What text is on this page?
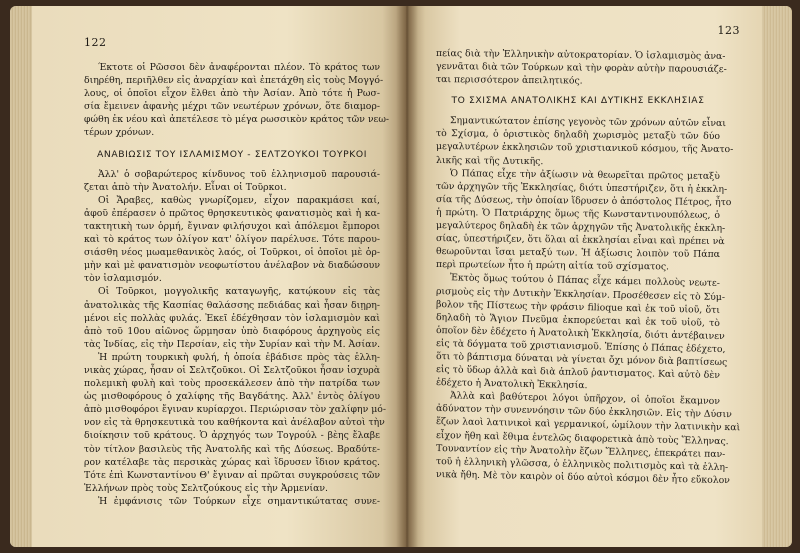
122
Έκτοτε οἱ Ρῶσσοι δὲν ἀναφέρονται πλέον. Τὸ κράτος των
διηρέθη, περιῆλθεν εἰς ἀναρχίαν καὶ ἐπετάχθη εἰς τοὺς Μογγό-
λους, οἱ ὁποῖοι εἶχον ἔλθει ἀπὸ τὴν Ἀσίαν. Ἀπὸ τότε ἡ Ρωσ-
σία ἔμεινεν ἀφανὴς μέχρι τῶν νεωτέρων χρόνων, ὅτε διαμορ-
φώθη ἐκ νέου καὶ ἀπετέλεσε τὸ μέγα ρωσσικὸν κράτος τῶν νεω-
τέρων χρόνων.
ΑΝΑΒΙΩΣΙΣ ΤΟΥ ΙΣΛΑΜΙΣΜΟΥ - ΣΕΛΤΖΟΥΚΟΙ ΤΟΥΡΚΟΙ
Ἀλλ' ὁ σοβαρώτερος κίνδυνος τοῦ ἑλληνισμοῦ παρουσιά-
ζεται ἀπὸ τὴν Ἀνατολήν. Εἶναι οἱ Τοῦρκοι.
Οἱ Ἄραβες, καθὼς γνωρίζομεν, εἶχον παρακμάσει καί,
ἀφοῦ ἐπέρασεν ὁ πρῶτος θρησκευτικὸς φανατισμὸς καὶ ἡ κα-
τακτητικὴ των ὁρμή, ἔγιναν φιλήσυχοι καὶ ἀπόλεμοι ἔμποροι
καὶ τὸ κράτος των ὀλίγον κατ' ὀλίγον παρέλυσε. Τότε παρου-
σιάσθη νέος μωαμεθανικὸς λαός, οἱ Τοῦρκοι, οἱ ὁποῖοι μὲ ὁρ-
μὴν καὶ μὲ φανατισμὸν νεοφωτίστου ἀνέλαβον νὰ διαδώσουν
τὸν ἰσλαμισμόν.
Οἱ Τοῦρκοι, μογγολικῆς καταγωγῆς, κατῴκουν εἰς τὰς
ἀνατολικὰς τῆς Κασπίας θαλάσσης πεδιάδας καὶ ἦσαν διῃρη-
μένοι εἰς πολλὰς φυλάς. Ἐκεῖ ἐδέχθησαν τὸν ἰσλαμισμὸν καὶ
ἀπὸ τοῦ 10ου αἰῶνος ὥρμησαν ὑπὸ διαφόρους ἀρχηγοὺς εἰς
τὰς Ἰνδίας, εἰς τὴν Περσίαν, εἰς τὴν Συρίαν καὶ τὴν Μ. Ἀσίαν.
Ἡ πρώτη τουρκικὴ φυλή, ἡ ὁποία ἐβάδισε πρὸς τὰς ἑλλη-
νικὰς χώρας, ἦσαν οἱ Σελτζοῦκοι. Οἱ Σελτζοῦκοι ἦσαν ἰσχυρὰ
πολεμικὴ φυλὴ καὶ τοὺς προσεκάλεσεν ἀπὸ τὴν πατρίδα των
ὡς μισθοφόρους ὁ χαλίφης τῆς Βαγδάτης. Ἀλλ' ἐντὸς ὀλίγου
ἀπὸ μισθοφόροι ἔγιναν κυρίαρχοι. Περιώρισαν τὸν χαλίφην μό-
νον εἰς τὰ θρησκευτικὰ του καθήκοντα καὶ ἀνέλαβον αὐτοὶ τὴν
διοίκησιν τοῦ κράτους. Ὁ ἀρχηγός των Τογρούλ - βὲης ἔλαβε
τὸν τίτλον βασιλεὺς τῆς Ἀνατολῆς καὶ τῆς Δύσεως. Βραδύτε-
ρον κατέλαβε τὰς περσικὰς χώρας καὶ ἵδρυσεν ἴδιον κράτος.
Τότε ἐπὶ Κωνσταντίνου Θ' ἔγιναν αἱ πρῶται συγκρούσεις τῶν
Ἑλλήνων πρὸς τοὺς Σελτζούκους εἰς τὴν Ἀρμενίαν.
Ἡ ἐμφάνισις τῶν Τούρκων εἶχε σημαντικώτατας συνε-
123
πείας διὰ τὴν Ἑλληνικὴν αὐτοκρατορίαν. Ὁ ἰσλαμισμὸς ἀνα-
γεννᾶται διὰ τῶν Τούρκων καὶ τὴν φορὰν αὐτὴν παρουσιάζε-
ται περισσότερον ἀπειλητικός.
ΤΟ ΣΧΙΣΜΑ ΑΝΑΤΟΛΙΚΗΣ ΚΑΙ ΔΥΤΙΚΗΣ ΕΚΚΛΗΣΙΑΣ
Σημαντικώτατον ἐπίσης γεγονὸς τῶν χρόνων αὐτῶν εἶναι
τὸ Σχίσμα, ὁ ὁριστικὸς δηλαδὴ χωρισμὸς μεταξὺ τῶν δύο
μεγαλυτέρων ἐκκλησιῶν τοῦ χριστιανικοῦ κόσμου, τῆς Ἀνατο-
λικῆς καὶ τῆς Δυτικῆς.
Ὁ Πάπας εἶχε τὴν ἀξίωσιν νὰ θεωρεῖται πρῶτος μεταξὺ
τῶν ἀρχηγῶν τῆς Ἐκκλησίας, διότι ὑπεστήριζεν, ὅτι ἡ ἐκκλη-
σία τῆς Δύσεως, τὴν ὁποίαν ἵδρυσεν ὁ ἀπόστολος Πέτρος, ἦτο
ἡ πρώτη. Ὁ Πατριάρχης ὅμως τῆς Κωνσταντινουπόλεως, ὁ
μεγαλύτερος δηλαδὴ ἐκ τῶν ἀρχηγῶν τῆς Ἀνατολικῆς ἐκκλη-
σίας, ὑπεστήριζεν, ὅτι ὅλαι αἱ ἐκκλησίαι εἶναι καὶ πρέπει νὰ
θεωροῦνται ἴσαι μεταξύ των. Ἡ ἀξίωσις λοιπὸν τοῦ Πάπα
περὶ πρωτείων ἦτο ἡ πρώτη αἰτία τοῦ σχίσματος.
Ἐκτὸς ὅμως τούτου ὁ Πάπας εἶχε κάμει πολλοὺς νεωτε-
ρισμοὺς εἰς τὴν Δυτικὴν Ἐκκλησίαν. Προσέθεσεν εἰς τὸ Σύμ-
βολον τῆς Πίστεως τὴν φράσιν filioque καὶ ἐκ τοῦ υἱοῦ, ὅτι
δηλαδὴ τὸ Ἅγιον Πνεῦμα ἐκπορεύεται καὶ ἐκ τοῦ υἱοῦ, τὸ
ὁποῖον δὲν ἐδέχετο ἡ Ἀνατολικὴ Ἐκκλησία, διότι ἀντέβαινεν
εἰς τὰ δόγματα τοῦ χριστιανισμοῦ. Ἐπίσης ὁ Πάπας ἐδέχετο,
ὅτι τὸ βάπτισμα δύναται νὰ γίνεται ὄχι μόνον διὰ βαπτίσεως
εἰς τὸ ὕδωρ ἀλλὰ καὶ διὰ ἁπλοῦ ῥαντισματος. Καὶ αὐτὸ δὲν
ἐδέχετο ἡ Ἀνατολικὴ Ἐκκλησία.
Ἀλλὰ καὶ βαθύτεροι λόγοι ὑπῆρχον, οἱ ὁποῖοι ἔκαμνον
ἀδύνατον τὴν συνεννόησιν τῶν δύο ἐκκλησιῶν. Εἰς τὴν Δύσιν
ἔζων λαοὶ λατινικοὶ καὶ γερμανικοί, ὡμίλουν τὴν λατινικὴν καὶ
εἶχον ἤθη καὶ ἔθιμα ἐντελῶς διαφορετικὰ ἀπὸ τοὺς Ἕλληνας.
Τουναντίον εἰς τὴν Ἀνατολὴν ἔζων Ἕλληνες, ἐπεκράτει παν-
τοῦ ἡ ἑλληνικὴ γλῶσσα, ὁ ἑλληνικὸς πολιτισμὸς καὶ τὰ ἑλλη-
νικὰ ἤθη. Μὲ τὸν καιρὸν οἱ δύο αὐτοὶ κόσμοι δὲν ἦτο εὔκολον
